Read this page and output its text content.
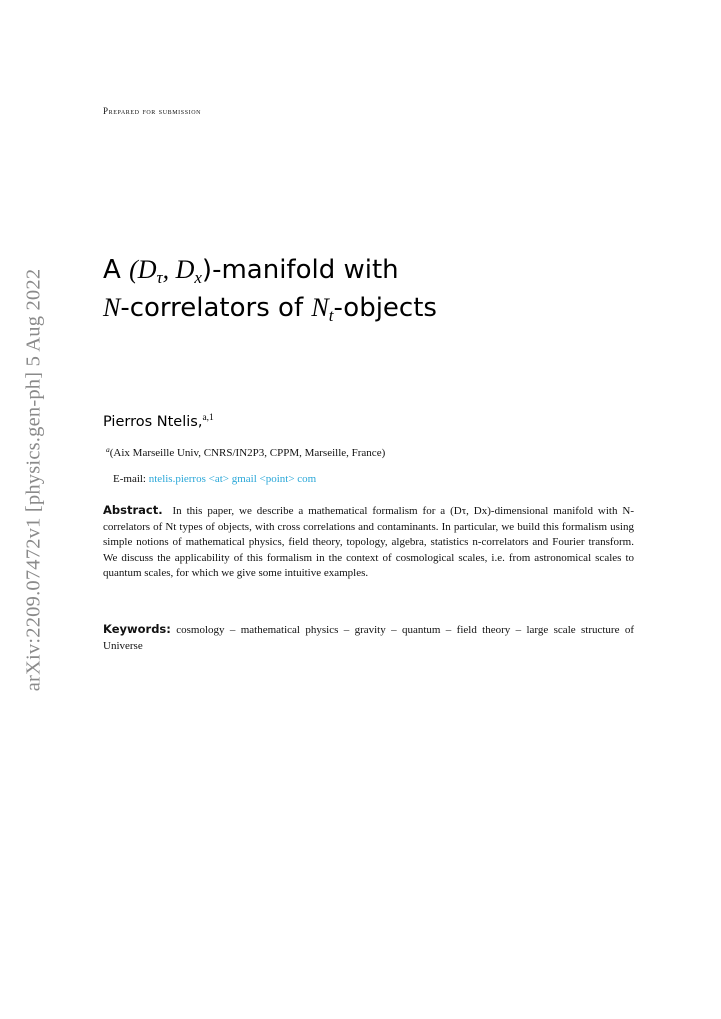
Prepared for submission
arXiv:2209.07472v1 [physics.gen-ph] 5 Aug 2022 A ($D_\tau$, $D_x$)-manifold with
N-correlators of $N_t$-objects
Pierros Ntelis,$^{a,1}$
$^a$(Aix Marseille Univ, CNRS/IN2P3, CPPM, Marseille, France)
E-mail: ntelis.pierros <at> gmail <point> com
Abstract. In this paper, we describe a mathematical formalism for a (Dτ, Dx)-dimensional manifold with N-correlators of Nt types of objects, with cross correlations and contaminants. In particular, we build this formalism using simple notions of mathematical physics, field theory, topology, algebra, statistics n-correlators and Fourier transform. We discuss the applicability of this formalism in the context of cosmological scales, i.e. from astronomical scales to quantum scales, for which we give some intuitive examples.
Keywords: cosmology – mathematical physics – gravity – quantum – field theory – large scale structure of Universe
